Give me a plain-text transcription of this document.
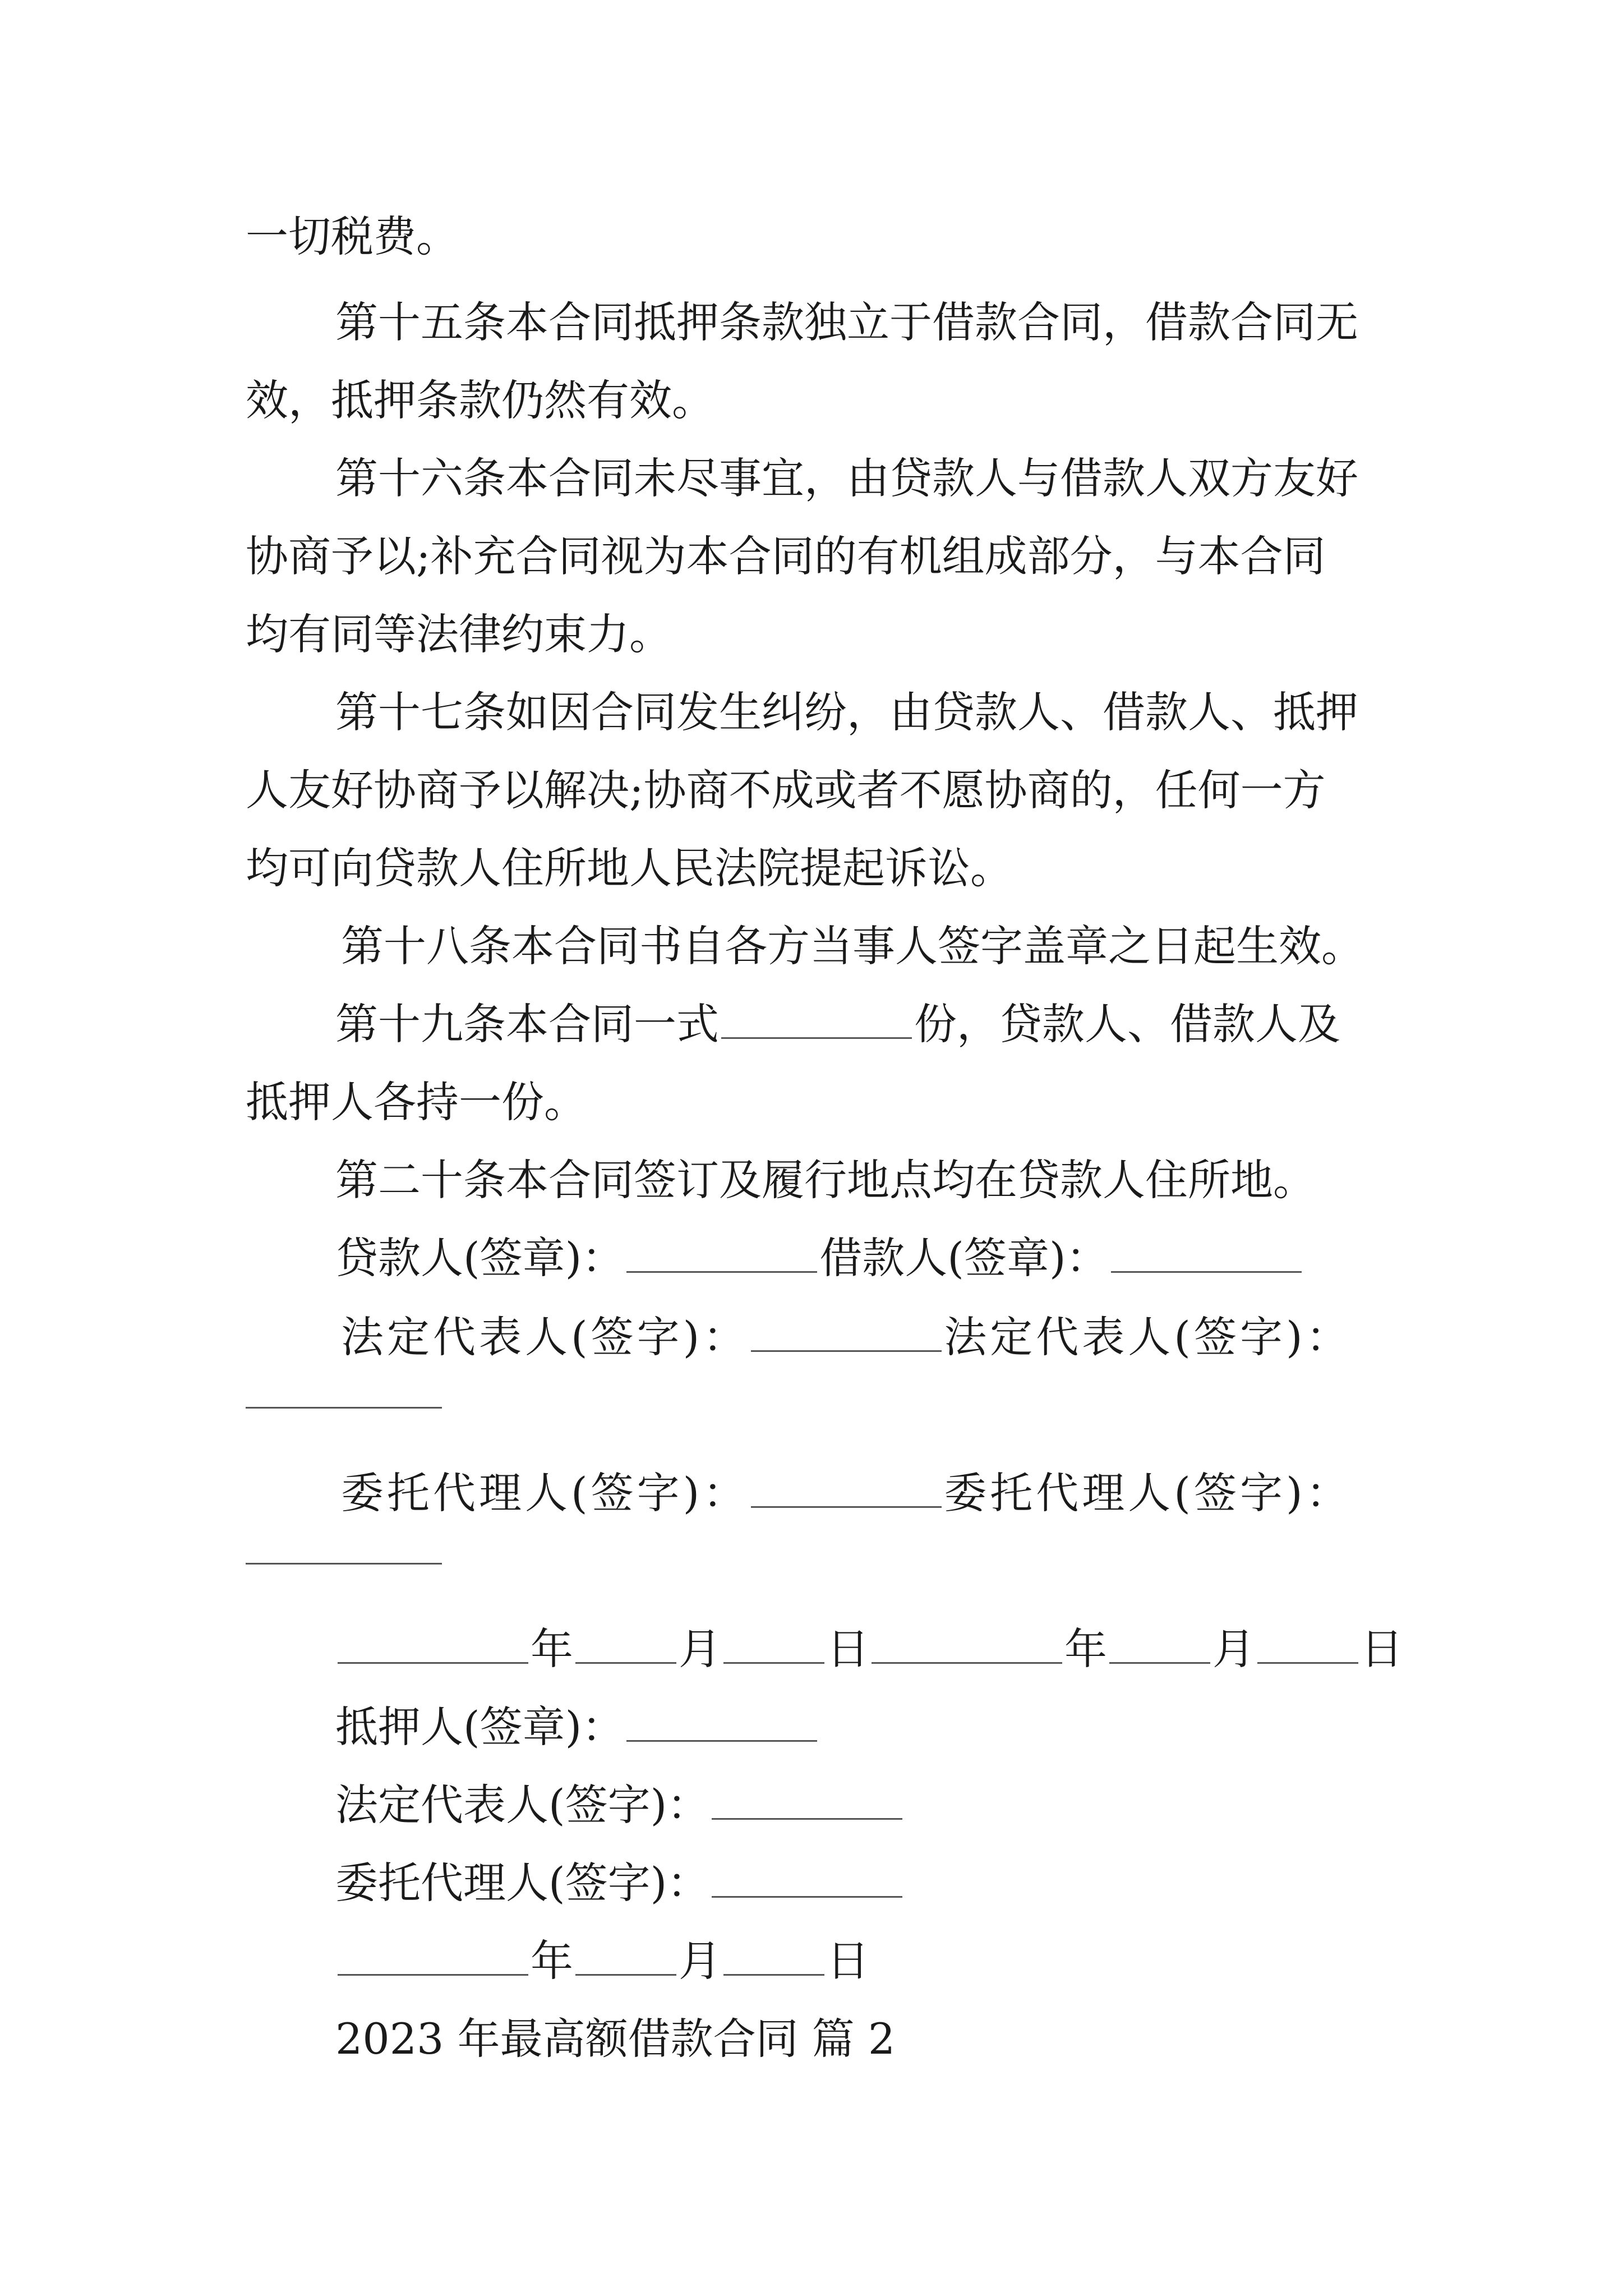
一切税费。

第十五条本合同抵押条款独立于借款合同，借款合同无

效，抵押条款仍然有效。

第十六条本合同未尽事宜，由贷款人与借款人双方友好

协商予以;补充合同视为本合同的有机组成部分，与本合同

均有同等法律约束力。

第十七条如因合同发生纠纷，由贷款人、借款人、抵押

人友好协商予以解决;协商不成或者不愿协商的，任何一方

均可向贷款人住所地人民法院提起诉讼。

第十八条本合同书自各方当事人签字盖章之日起生效。

第十九条本合同一式	份，贷款人、借款人及

抵押人各持一份。

第二十条本合同签订及履行地点均在贷款人住所地。

贷款人(签章)：	借款人(签章)：

法定代表人(签字)：	法定代表人(签字)：

委托代理人(签字)：	委托代理人(签字)：

年 月 日	年 月 日

抵押人(签章)：

法定代表人(签字)：

委托代理人(签字)：

年 月 日

2023 年最高额借款合同 篇 2
